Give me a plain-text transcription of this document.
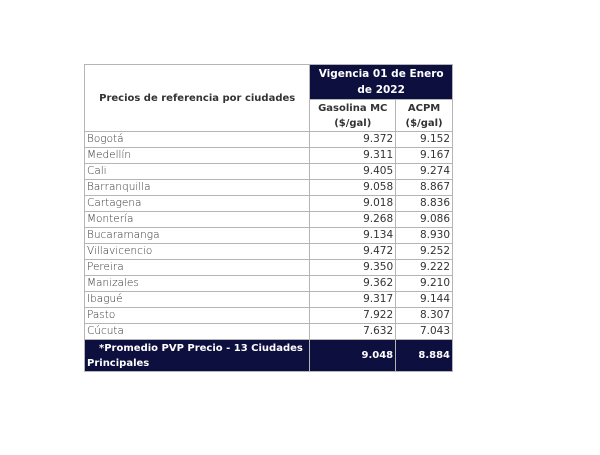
Precios de referencia por ciudades	Vigencia 01 de Enero de 2022	
	Gasolina MC ($/gal)	ACPM ($/gal)
Bogotá	9.372	9.152
Medellín	9.311	9.167
Cali	9.405	9.274
Barranquilla	9.058	8.867
Cartagena	9.018	8.836
Montería	9.268	9.086
Bucaramanga	9.134	8.930
Villavicencio	9.472	9.252
Pereira	9.350	9.222
Manizales	9.362	9.210
Ibagué	9.317	9.144
Pasto	7.922	8.307
Cúcuta	7.632	7.043
*Promedio PVP Precio - 13 Ciudades Principales	9.048	8.884
